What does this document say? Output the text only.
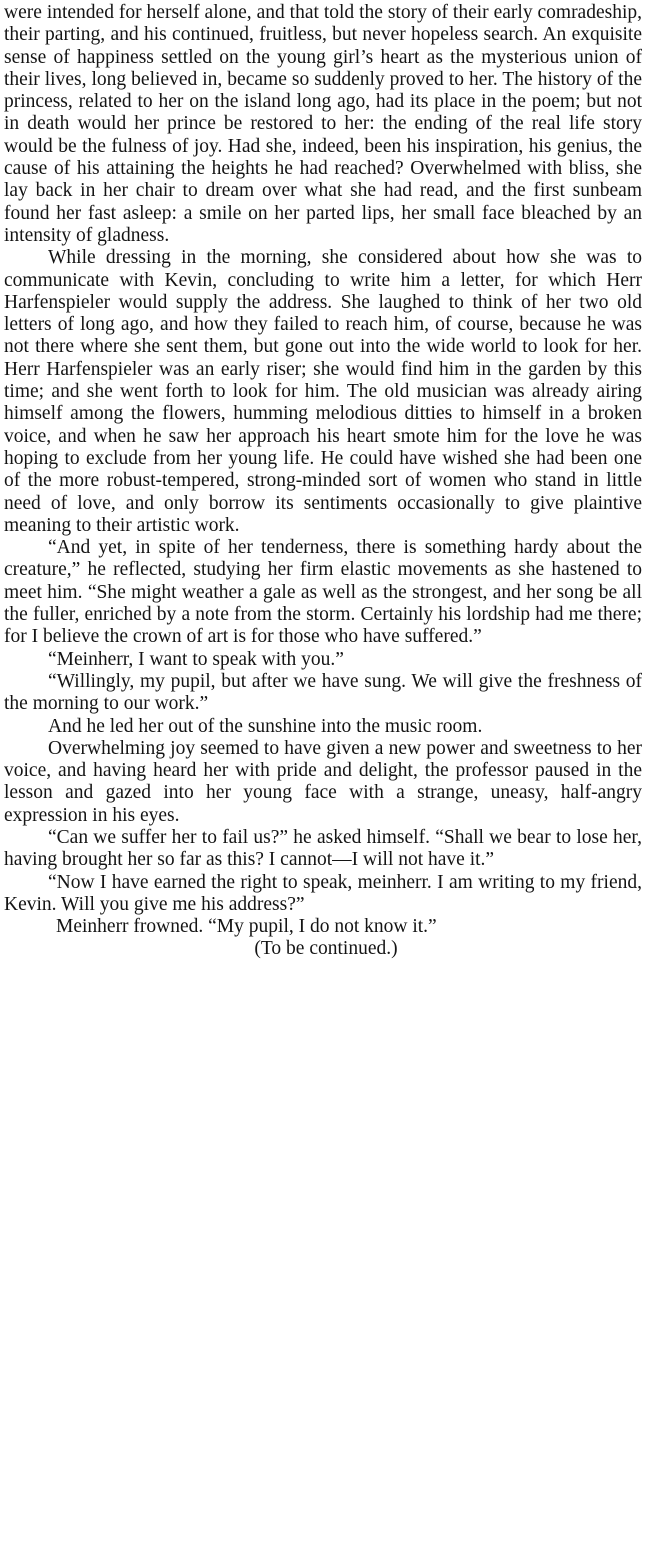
were intended for herself alone, and that told the story of their early comradeship, their parting, and his continued, fruitless, but never hopeless search. An exquisite sense of happiness settled on the young girl’s heart as the mysterious union of their lives, long believed in, became so suddenly proved to her. The history of the princess, related to her on the island long ago, had its place in the poem; but not in death would her prince be restored to her: the ending of the real life story would be the fulness of joy. Had she, indeed, been his inspiration, his genius, the cause of his attaining the heights he had reached? Overwhelmed with bliss, she lay back in her chair to dream over what she had read, and the first sunbeam found her fast asleep: a smile on her parted lips, her small face bleached by an intensity of gladness.

While dressing in the morning, she considered about how she was to communicate with Kevin, concluding to write him a letter, for which Herr Harfenspieler would supply the address. She laughed to think of her two old letters of long ago, and how they failed to reach him, of course, because he was not there where she sent them, but gone out into the wide world to look for her. Herr Harfenspieler was an early riser; she would find him in the garden by this time; and she went forth to look for him. The old musician was already airing himself among the flowers, humming melodious ditties to himself in a broken voice, and when he saw her approach his heart smote him for the love he was hoping to exclude from her young life. He could have wished she had been one of the more robust-tempered, strong-minded sort of women who stand in little need of love, and only borrow its sentiments occasionally to give plaintive meaning to their artistic work.

“And yet, in spite of her tenderness, there is something hardy about the creature,” he reflected, studying her firm elastic movements as she hastened to meet him. “She might weather a gale as well as the strongest, and her song be all the fuller, enriched by a note from the storm. Certainly his lordship had me there; for I believe the crown of art is for those who have suffered.”

“Meinherr, I want to speak with you.”

“Willingly, my pupil, but after we have sung. We will give the freshness of the morning to our work.”

And he led her out of the sunshine into the music room.

Overwhelming joy seemed to have given a new power and sweetness to her voice, and having heard her with pride and delight, the professor paused in the lesson and gazed into her young face with a strange, uneasy, half-angry expression in his eyes.

“Can we suffer her to fail us?” he asked himself. “Shall we bear to lose her, having brought her so far as this? I cannot—I will not have it.”

“Now I have earned the right to speak, meinherr. I am writing to my friend, Kevin. Will you give me his address?”

Meinherr frowned. “My pupil, I do not know it.”

(To be continued.)
